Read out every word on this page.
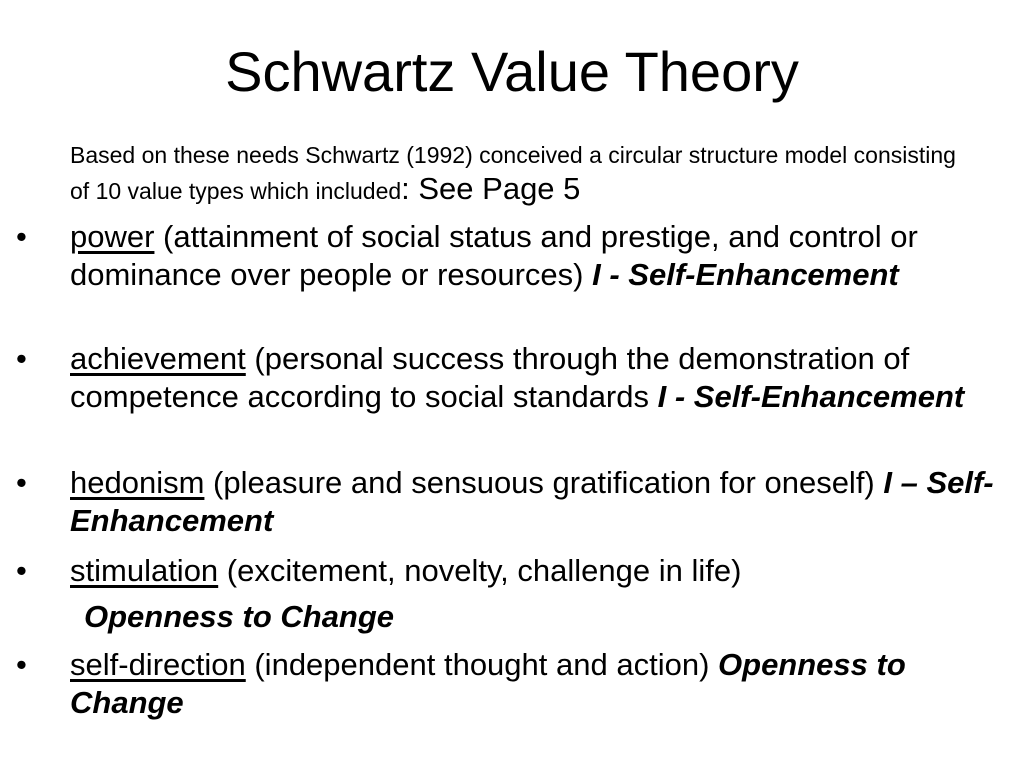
Schwartz Value Theory
Based on these needs Schwartz (1992) conceived a circular structure model consisting of 10 value types which included: See Page 5
•	power (attainment of social status and prestige, and control or dominance over people or resources) I - Self-Enhancement
•	achievement (personal success through the demonstration of competence according to social standards I - Self-Enhancement
•	hedonism (pleasure and sensuous gratification for oneself) I – Self-Enhancement
•	stimulation (excitement, novelty, challenge in life)
Openness to Change
•	self-direction (independent thought and action) Openness to Change
